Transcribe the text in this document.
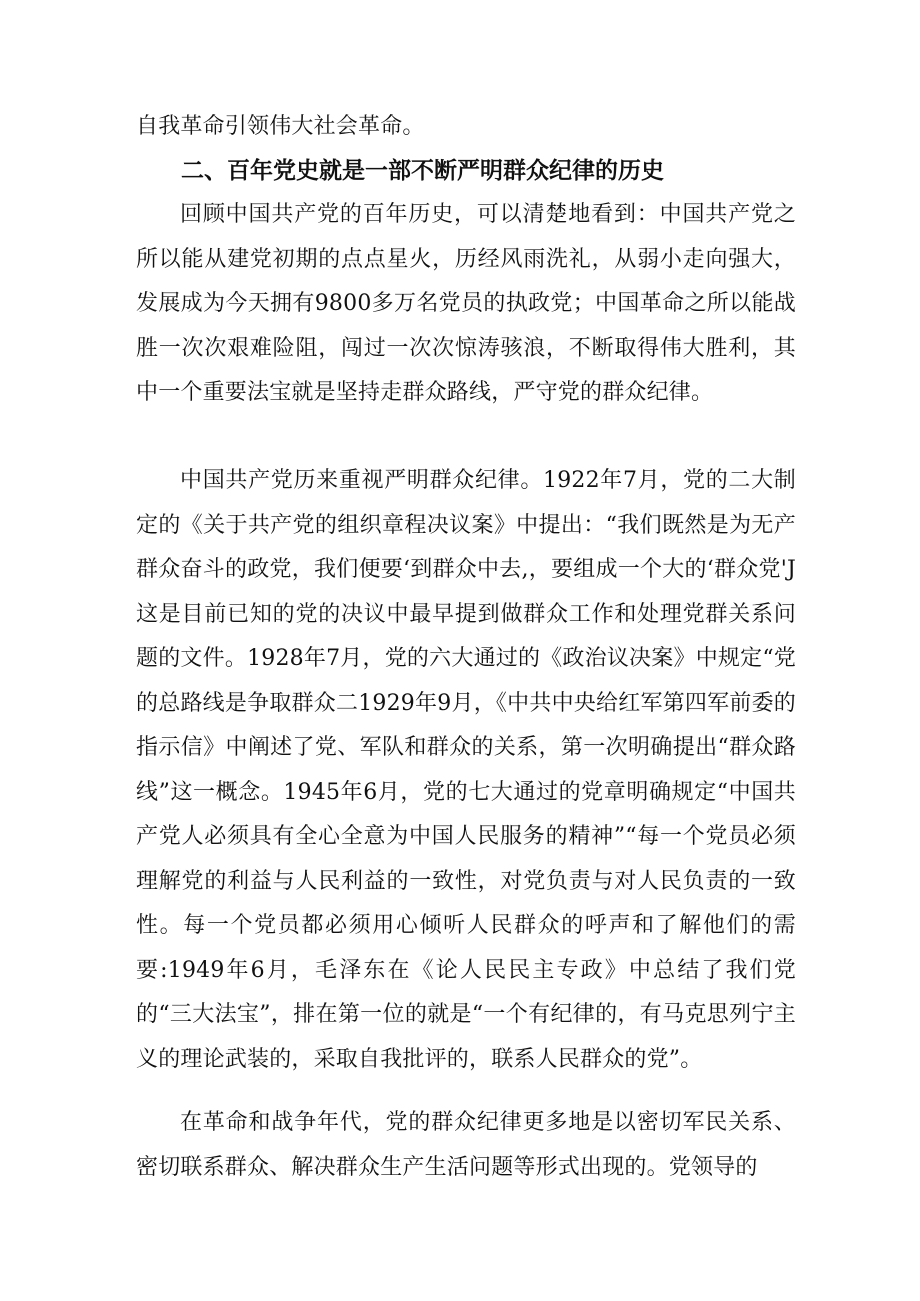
自我革命引领伟大社会革命。

二、百年党史就是一部不断严明群众纪律的历史

回顾中国共产党的百年历史，可以清楚地看到：中国共产党之所以能从建党初期的点点星火，历经风雨洗礼，从弱小走向强大，发展成为今天拥有9800多万名党员的执政党；中国革命之所以能战胜一次次艰难险阻，闯过一次次惊涛骇浪，不断取得伟大胜利，其中一个重要法宝就是坚持走群众路线，严守党的群众纪律。

中国共产党历来重视严明群众纪律。1922年7月，党的二大制定的《关于共产党的组织章程决议案》中提出：“我们既然是为无产群众奋斗的政党，我们便要‘到群众中去,，要组成一个大的‘群众党'J这是目前已知的党的决议中最早提到做群众工作和处理党群关系问题的文件。1928年7月，党的六大通过的《政治议决案》中规定“党的总路线是争取群众二1929年9月，《中共中央给红军第四军前委的指示信》中阐述了党、军队和群众的关系，第一次明确提出“群众路线”这一概念。1945年6月，党的七大通过的党章明确规定“中国共产党人必须具有全心全意为中国人民服务的精神”“每一个党员必须理解党的利益与人民利益的一致性，对党负责与对人民负责的一致性。每一个党员都必须用心倾听人民群众的呼声和了解他们的需要:1949年6月，毛泽东在《论人民民主专政》中总结了我们党的“三大法宝”，排在第一位的就是“一个有纪律的，有马克思列宁主义的理论武装的，采取自我批评的，联系人民群众的党”。

在革命和战争年代，党的群众纪律更多地是以密切军民关系、密切联系群众、解决群众生产生活问题等形式出现的。党领导的
